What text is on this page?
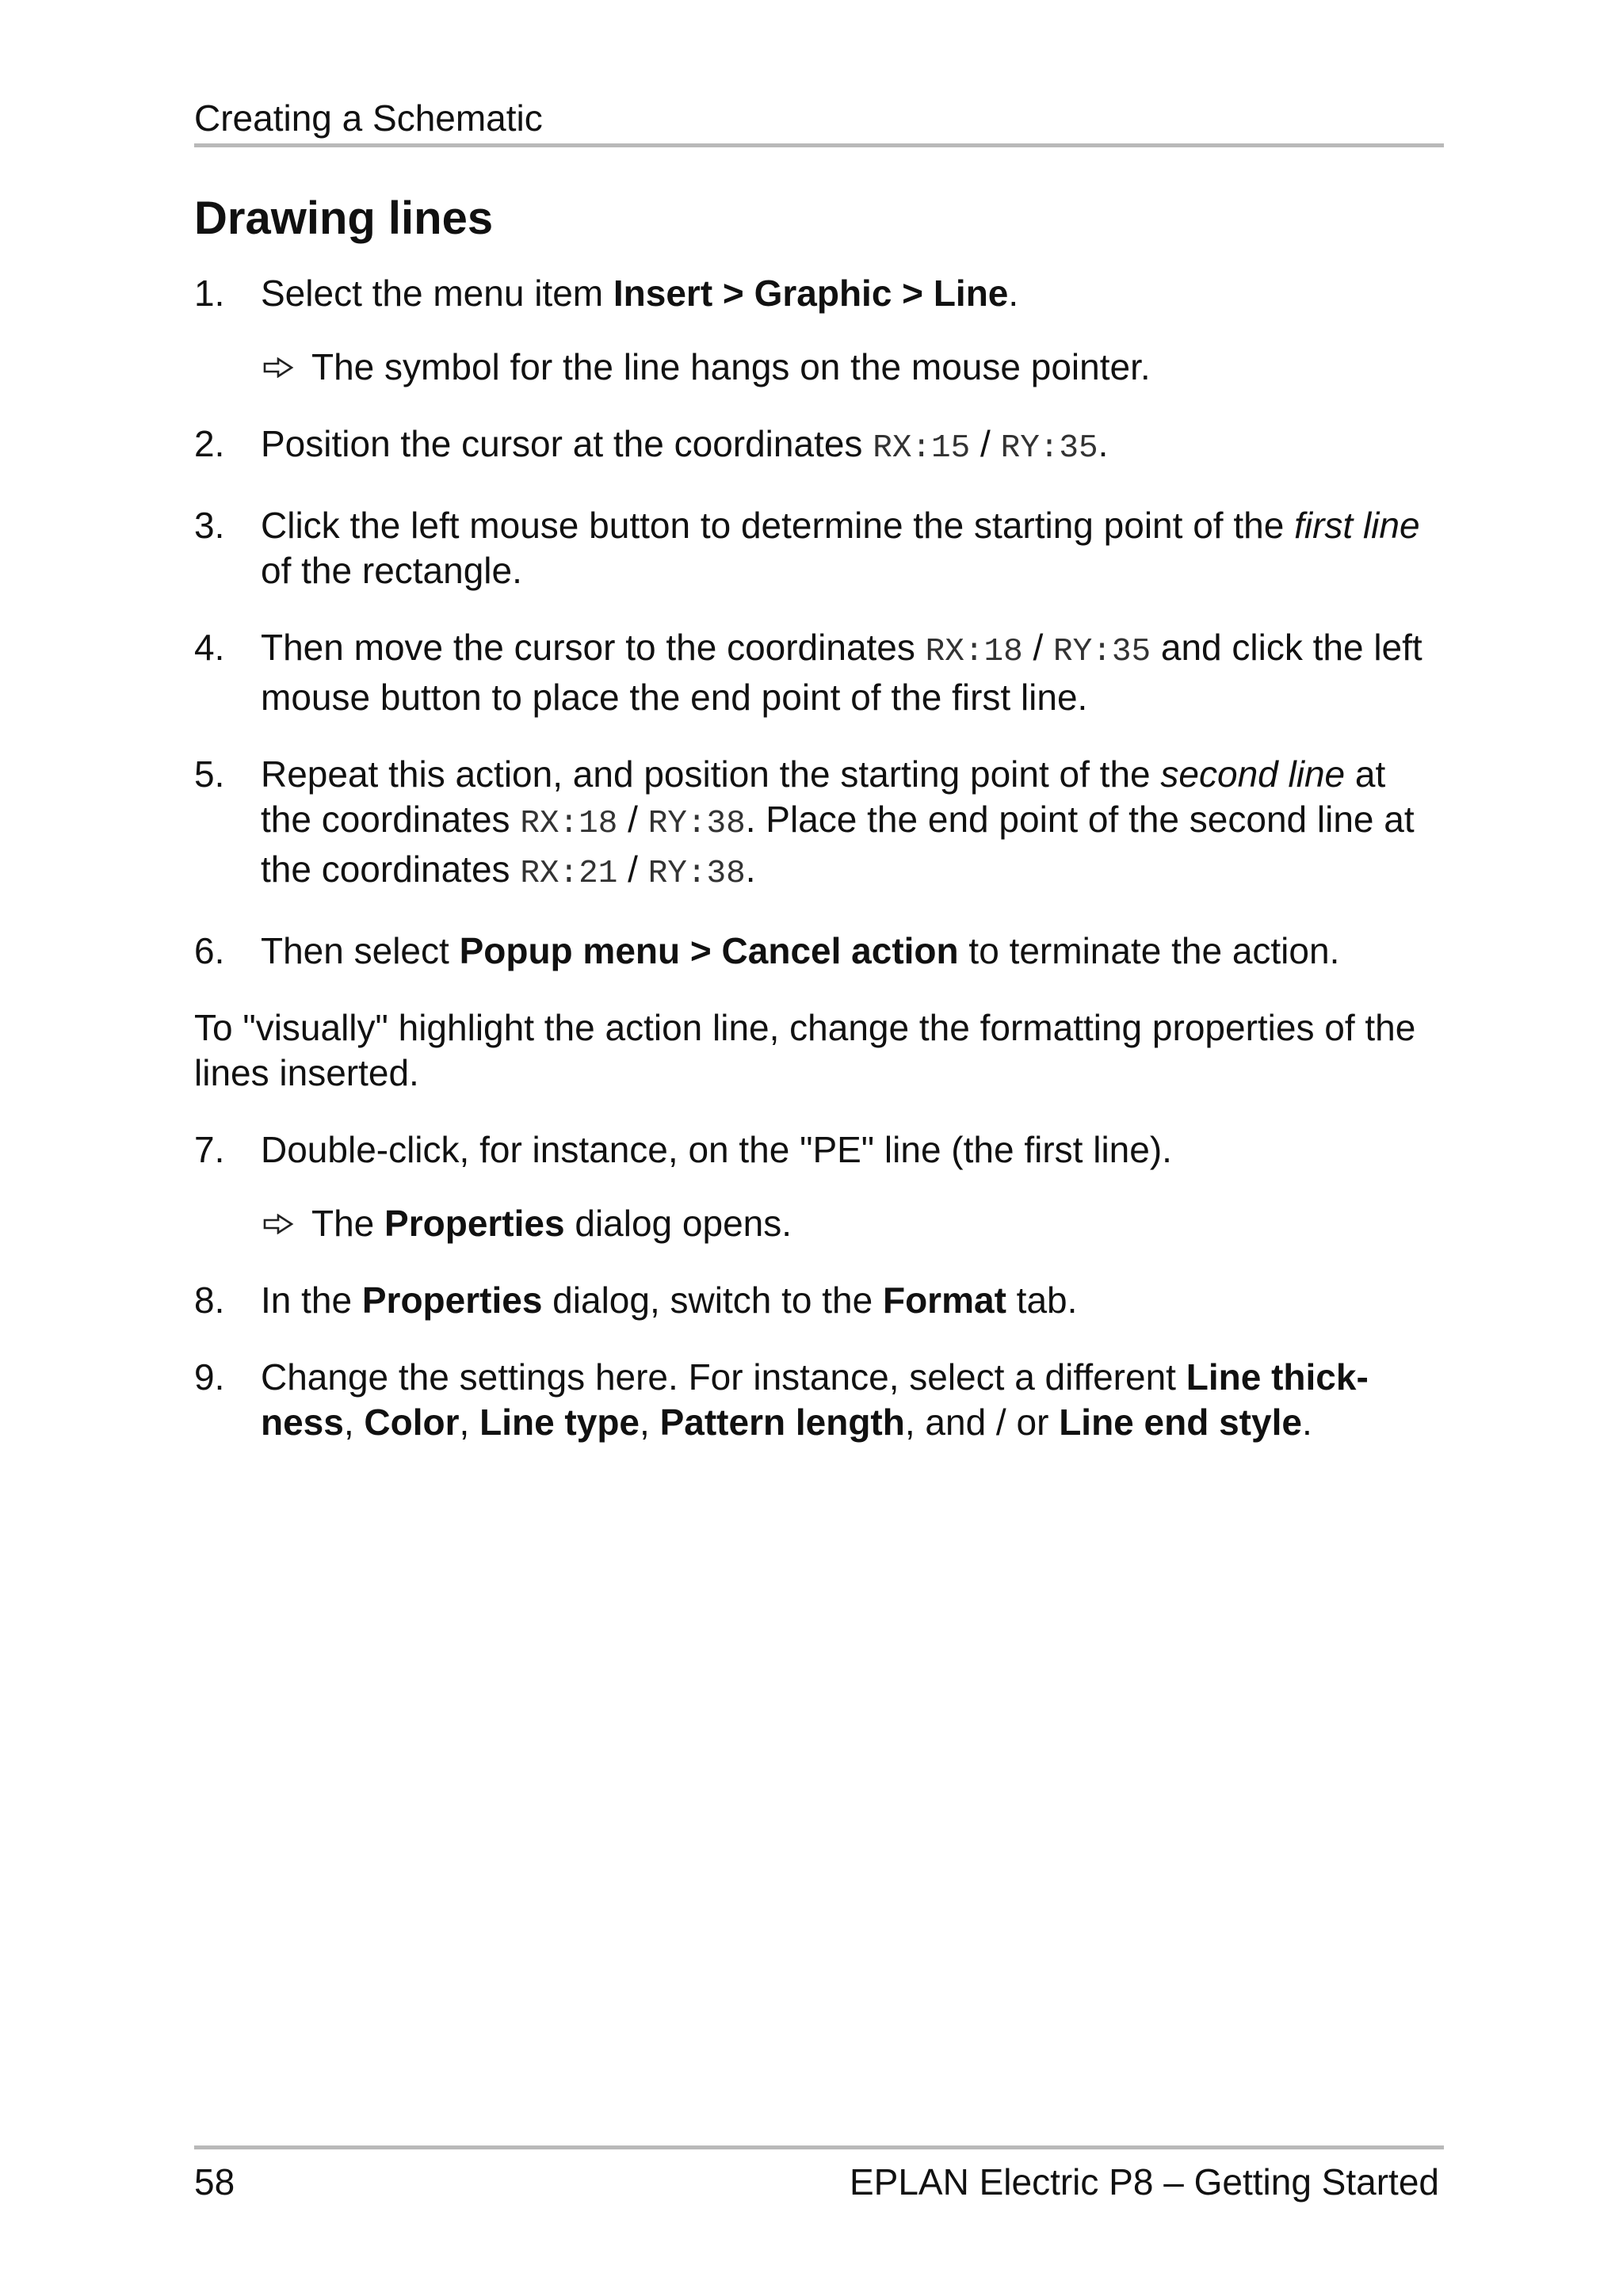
Creating a Schematic
Drawing lines
1. Select the menu item Insert > Graphic > Line.
The symbol for the line hangs on the mouse pointer.
2. Position the cursor at the coordinates RX:15 / RY:35.
3. Click the left mouse button to determine the starting point of the first line of the rectangle.
4. Then move the cursor to the coordinates RX:18 / RY:35 and click the left mouse button to place the end point of the first line.
5. Repeat this action, and position the starting point of the second line at the coordinates RX:18 / RY:38. Place the end point of the second line at the coordinates RX:21 / RY:38.
6. Then select Popup menu > Cancel action to terminate the action.
To "visually" highlight the action line, change the formatting properties of the lines inserted.
7. Double-click, for instance, on the "PE" line (the first line).
The Properties dialog opens.
8. In the Properties dialog, switch to the Format tab.
9. Change the settings here. For instance, select a different Line thick-ness, Color, Line type, Pattern length, and / or Line end style.
58	EPLAN Electric P8 – Getting Started
